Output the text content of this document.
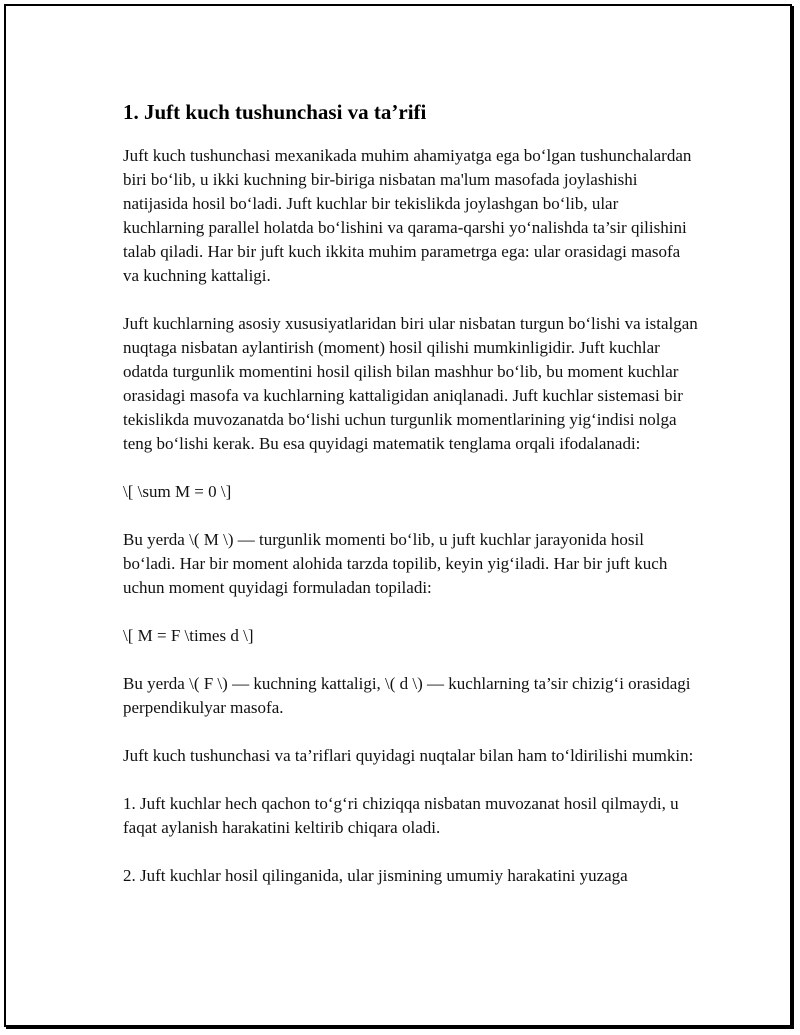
1. Juft kuch tushunchasi va ta’rifi

Juft kuch tushunchasi mexanikada muhim ahamiyatga ega bo‘lgan tushunchalardan biri bo‘lib, u ikki kuchning bir-biriga nisbatan ma'lum masofada joylashishi natijasida hosil bo‘ladi. Juft kuchlar bir tekislikda joylashgan bo‘lib, ular kuchlarning parallel holatda bo‘lishini va qarama-qarshi yo‘nalishda ta’sir qilishini talab qiladi. Har bir juft kuch ikkita muhim parametrga ega: ular orasidagi masofa va kuchning kattaligi.

Juft kuchlarning asosiy xususiyatlaridan biri ular nisbatan turgun bo‘lishi va istalgan nuqtaga nisbatan aylantirish (moment) hosil qilishi mumkinligidir. Juft kuchlar odatda turgunlik momentini hosil qilish bilan mashhur bo‘lib, bu moment kuchlar orasidagi masofa va kuchlarning kattaligidan aniqlanadi. Juft kuchlar sistemasi bir tekislikda muvozanatda bo‘lishi uchun turgunlik momentlarining yig‘indisi nolga teng bo‘lishi kerak. Bu esa quyidagi matematik tenglama orqali ifodalanadi:

\[ \sum M = 0 \]

Bu yerda \( M \) — turgunlik momenti bo‘lib, u juft kuchlar jarayonida hosil bo‘ladi. Har bir moment alohida tarzda topilib, keyin yig‘iladi. Har bir juft kuch uchun moment quyidagi formuladan topiladi:

\[ M = F \times d \]

Bu yerda \( F \) — kuchning kattaligi, \( d \) — kuchlarning ta’sir chizig‘i orasidagi perpendikulyar masofa.

Juft kuch tushunchasi va ta’riflari quyidagi nuqtalar bilan ham to‘ldirilishi mumkin:

1. Juft kuchlar hech qachon to‘g‘ri chiziqqa nisbatan muvozanat hosil qilmaydi, u faqat aylanish harakatini keltirib chiqara oladi.

2. Juft kuchlar hosil qilinganida, ular jismining umumiy harakatini yuzaga
